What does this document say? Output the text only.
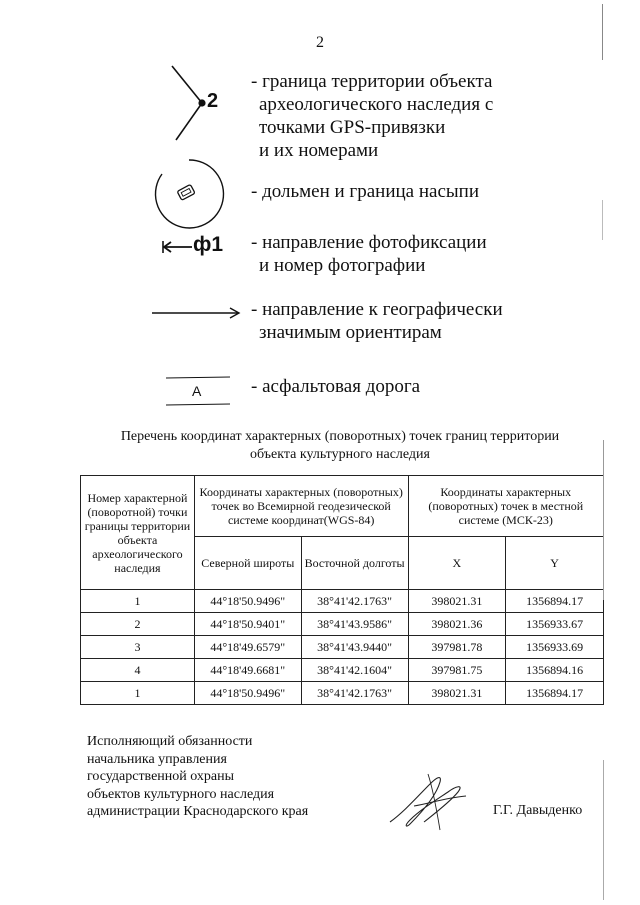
2
2
- граница территории объекта
археологического наследия с
точками GPS-привязки
и их номерами
- дольмен и граница насыпи
ф1 - направление фотофиксации
и номер фотографии
- направление к географически
значимым ориентирам
А	- асфальтовая дорога
Перечень координат характерных (поворотных) точек границ территории
объекта культурного наследия
Номер характерной (поворотной) точки границы территории объекта археологического наследия	Координаты характерных (поворотных) точек во Всемирной геодезической системе координат(WGS-84)		Координаты характерных (поворотных) точек в местной системе (МСК-23)	
	Северной широты	Восточной долготы	X	Y
1	44°18'50.9496"	38°41'42.1763"	398021.31	1356894.17
2	44°18'50.9401"	38°41'43.9586"	398021.36	1356933.67
3	44°18'49.6579"	38°41'43.9440"	397981.78	1356933.69
4	44°18'49.6681"	38°41'42.1604"	397981.75	1356894.16
1	44°18'50.9496"	38°41'42.1763"	398021.31	1356894.17
Исполняющий обязанности
начальника управления
государственной охраны
объектов культурного наследия
администрации Краснодарского края	Г.Г. Давыденко
